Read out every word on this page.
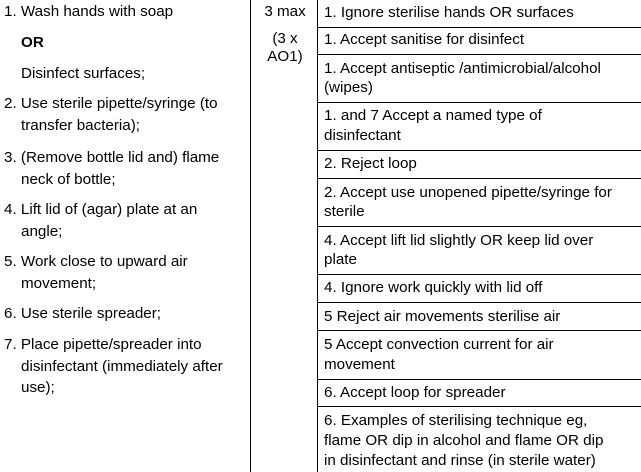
1. Wash hands with soap
OR
Disinfect surfaces;
2. Use sterile pipette/syringe (to
transfer bacteria);
3. (Remove bottle lid and) flame
neck of bottle;
4. Lift lid of (agar) plate at an
angle;
5. Work close to upward air
movement;
6. Use sterile spreader;
7. Place pipette/spreader into
disinfectant (immediately after
use);
3 max
(3 x
AO1)
1. Ignore sterilise hands OR surfaces
1. Accept sanitise for disinfect
1. Accept antiseptic /antimicrobial/alcohol
(wipes)
1. and 7 Accept a named type of
disinfectant
2. Reject loop
2. Accept use unopened pipette/syringe for
sterile
4. Accept lift lid slightly OR keep lid over
plate
4. Ignore work quickly with lid off
5 Reject air movements sterilise air
5 Accept convection current for air
movement
6. Accept loop for spreader
6. Examples of sterilising technique eg,
flame OR dip in alcohol and flame OR dip
in disinfectant and rinse (in sterile water)
